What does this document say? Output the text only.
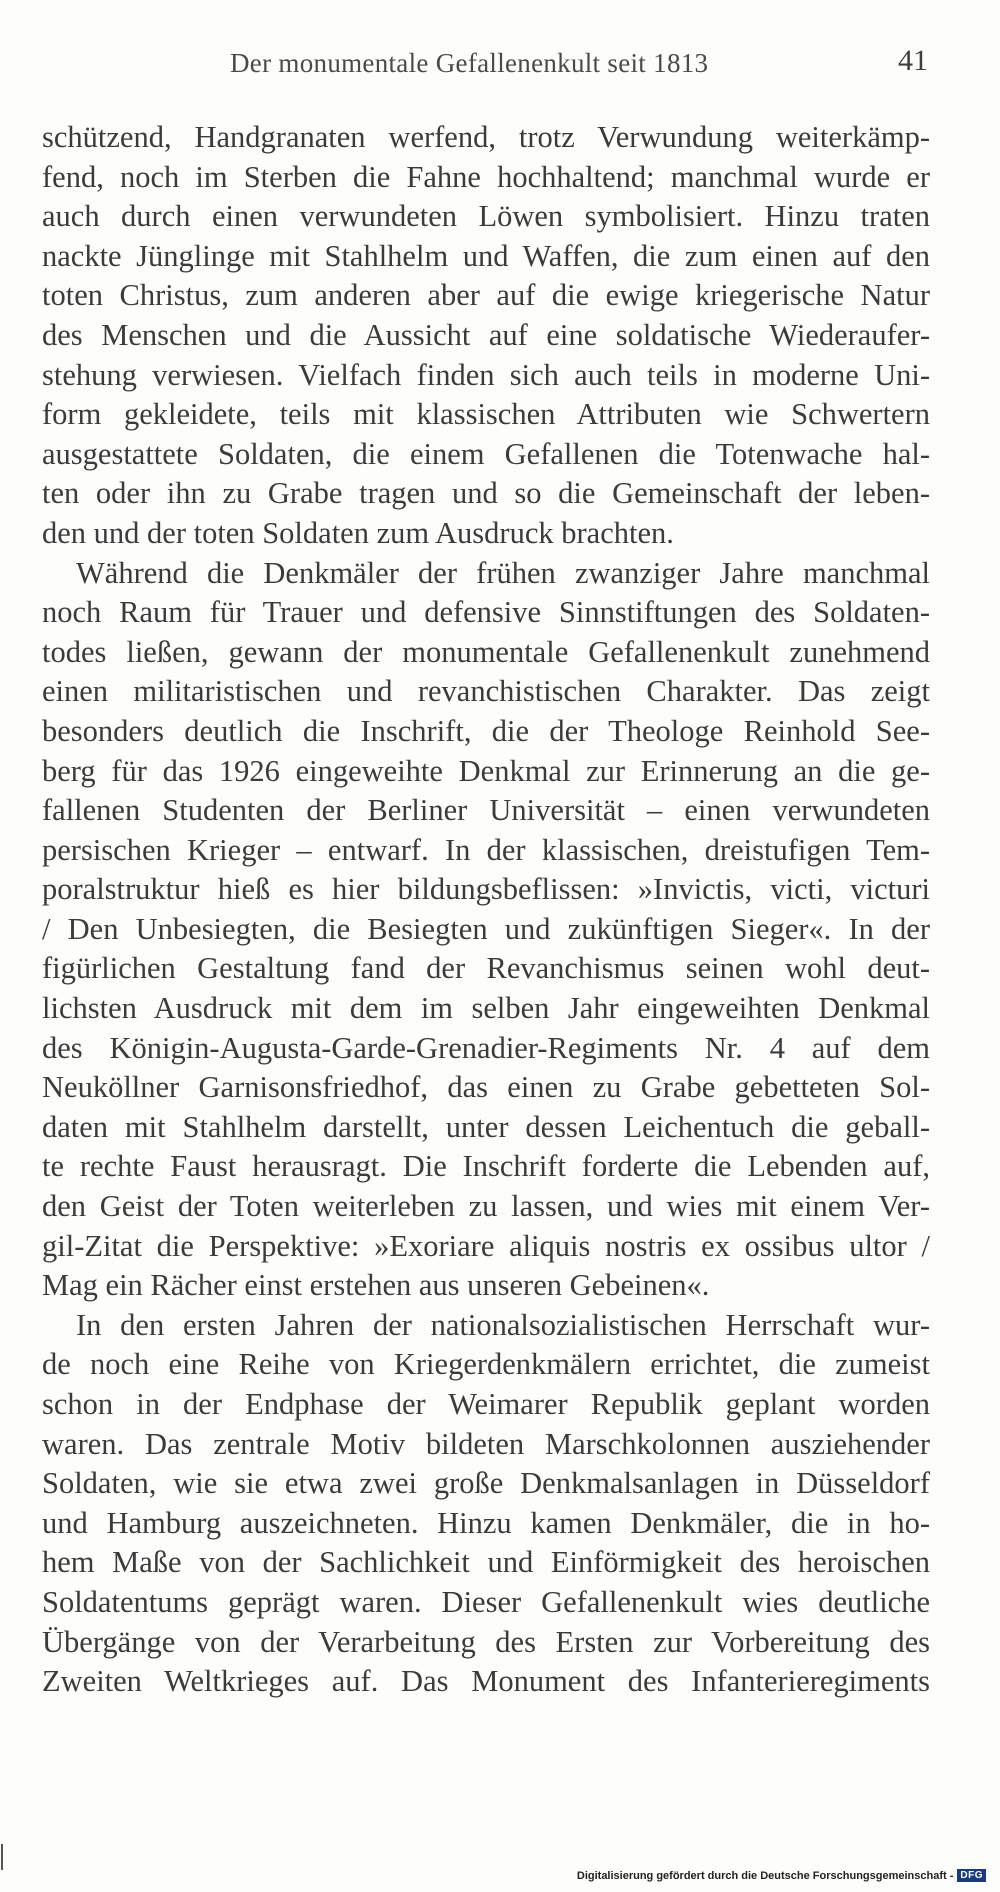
Der monumentale Gefallenenkult seit 1813	41
schützend, Handgranaten werfend, trotz Verwundung weiterkämp-
fend, noch im Sterben die Fahne hochhaltend; manchmal wurde er
auch durch einen verwundeten Löwen symbolisiert. Hinzu traten
nackte Jünglinge mit Stahlhelm und Waffen, die zum einen auf den
toten Christus, zum anderen aber auf die ewige kriegerische Natur
des Menschen und die Aussicht auf eine soldatische Wiederaufer-
stehung verwiesen. Vielfach finden sich auch teils in moderne Uni-
form gekleidete, teils mit klassischen Attributen wie Schwertern
ausgestattete Soldaten, die einem Gefallenen die Totenwache hal-
ten oder ihn zu Grabe tragen und so die Gemeinschaft der leben-
den und der toten Soldaten zum Ausdruck brachten.
Während die Denkmäler der frühen zwanziger Jahre manchmal
noch Raum für Trauer und defensive Sinnstiftungen des Soldaten-
todes ließen, gewann der monumentale Gefallenenkult zunehmend
einen militaristischen und revanchistischen Charakter. Das zeigt
besonders deutlich die Inschrift, die der Theologe Reinhold See-
berg für das 1926 eingeweihte Denkmal zur Erinnerung an die ge-
fallenen Studenten der Berliner Universität – einen verwundeten
persischen Krieger – entwarf. In der klassischen, dreistufigen Tem-
poralstruktur hieß es hier bildungsbeflissen: »Invictis, victi, victuri
/ Den Unbesiegten, die Besiegten und zukünftigen Sieger«. In der
figürlichen Gestaltung fand der Revanchismus seinen wohl deut-
lichsten Ausdruck mit dem im selben Jahr eingeweihten Denkmal
des Königin-Augusta-Garde-Grenadier-Regiments Nr. 4 auf dem
Neuköllner Garnisonsfriedhof, das einen zu Grabe gebetteten Sol-
daten mit Stahlhelm darstellt, unter dessen Leichentuch die geball-
te rechte Faust herausragt. Die Inschrift forderte die Lebenden auf,
den Geist der Toten weiterleben zu lassen, und wies mit einem Ver-
gil-Zitat die Perspektive: »Exoriare aliquis nostris ex ossibus ultor /
Mag ein Rächer einst erstehen aus unseren Gebeinen«.
In den ersten Jahren der nationalsozialistischen Herrschaft wur-
de noch eine Reihe von Kriegerdenkmälern errichtet, die zumeist
schon in der Endphase der Weimarer Republik geplant worden
waren. Das zentrale Motiv bildeten Marschkolonnen ausziehender
Soldaten, wie sie etwa zwei große Denkmalsanlagen in Düsseldorf
und Hamburg auszeichneten. Hinzu kamen Denkmäler, die in ho-
hem Maße von der Sachlichkeit und Einförmigkeit des heroischen
Soldatentums geprägt waren. Dieser Gefallenenkult wies deutliche
Übergänge von der Verarbeitung des Ersten zur Vorbereitung des
Zweiten Weltkrieges auf. Das Monument des Infanterieregiments
Digitalisierung gefördert durch die Deutsche Forschungsgemeinschaft - DFG
